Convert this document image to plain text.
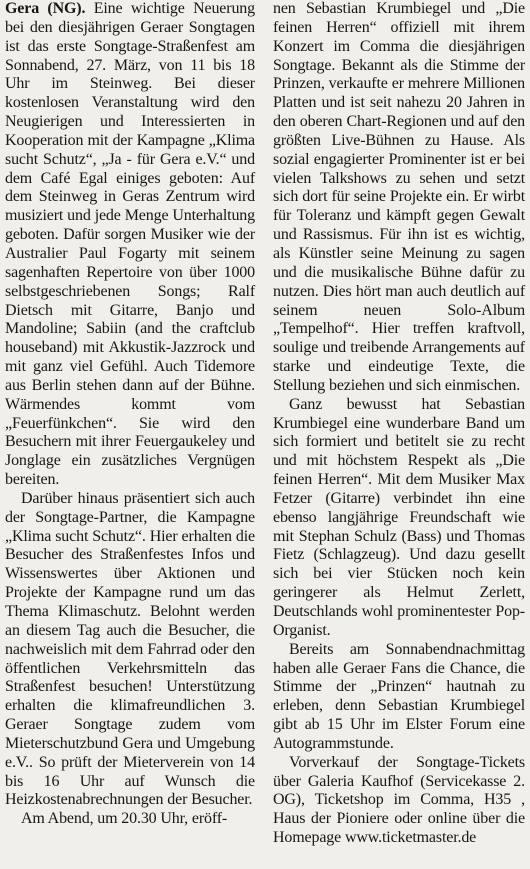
Gera (NG). Eine wichtige Neuerung bei den diesjährigen Geraer Songtagen ist das erste Songtage-Straßenfest am Sonnabend, 27. März, von 11 bis 18 Uhr im Steinweg. Bei dieser kostenlosen Veranstaltung wird den Neugierigen und Interessierten in Kooperation mit der Kampagne „Klima sucht Schutz“, „Ja - für Gera e.V.“ und dem Café Egal einiges geboten: Auf dem Steinweg in Geras Zentrum wird musiziert und jede Menge Unterhaltung geboten. Dafür sorgen Musiker wie der Australier Paul Fogarty mit seinem sagenhaften Repertoire von über 1000 selbstgeschriebenen Songs; Ralf Dietsch mit Gitarre, Banjo und Mandoline; Sabiin (and the craftclub houseband) mit Akkustik-Jazzrock und mit ganz viel Gefühl. Auch Tidemore aus Berlin stehen dann auf der Bühne. Wärmendes kommt vom „Feuerfünkchen“. Sie wird den Besuchern mit ihrer Feuergaukeley und Jonglage ein zusätzliches Vergnügen bereiten.

Darüber hinaus präsentiert sich auch der Songtage-Partner, die Kampagne „Klima sucht Schutz“. Hier erhalten die Besucher des Straßenfestes Infos und Wissenswertes über Aktionen und Projekte der Kampagne rund um das Thema Klimaschutz. Belohnt werden an diesem Tag auch die Besucher, die nachweislich mit dem Fahrrad oder den öffentlichen Verkehrsmitteln das Straßenfest besuchen! Unterstützung erhalten die klimafreundlichen 3. Geraer Songtage zudem vom Mieterschutzbund Gera und Umgebung e.V.. So prüft der Mieterverein von 14 bis 16 Uhr auf Wunsch die Heizkostenabrechnungen der Besucher.

Am Abend, um 20.30 Uhr, eröff-

nen Sebastian Krumbiegel und „Die feinen Herren“ offiziell mit ihrem Konzert im Comma die diesjährigen Songtage. Bekannt als die Stimme der Prinzen, verkaufte er mehrere Millionen Platten und ist seit nahezu 20 Jahren in den oberen Chart-Regionen und auf den größten Live-Bühnen zu Hause. Als sozial engagierter Prominenter ist er bei vielen Talkshows zu sehen und setzt sich dort für seine Projekte ein. Er wirbt für Toleranz und kämpft gegen Gewalt und Rassismus. Für ihn ist es wichtig, als Künstler seine Meinung zu sagen und die musikalische Bühne dafür zu nutzen. Dies hört man auch deutlich auf seinem neuen Solo-Album „Tempelhof“. Hier treffen kraftvoll, soulige und treibende Arrangements auf starke und eindeutige Texte, die Stellung beziehen und sich einmischen.

Ganz bewusst hat Sebastian Krumbiegel eine wunderbare Band um sich formiert und betitelt sie zu recht und mit höchstem Respekt als „Die feinen Herren“. Mit dem Musiker Max Fetzer (Gitarre) verbindet ihn eine ebenso langjährige Freundschaft wie mit Stephan Schulz (Bass) und Thomas Fietz (Schlagzeug). Und dazu gesellt sich bei vier Stücken noch kein geringerer als Helmut Zerlett, Deutschlands wohl prominentester Pop-Organist.

Bereits am Sonnabendnachmittag haben alle Geraer Fans die Chance, die Stimme der „Prinzen“ hautnah zu erleben, denn Sebastian Krumbiegel gibt ab 15 Uhr im Elster Forum eine Autogrammstunde.

Vorverkauf der Songtage-Tickets über Galeria Kaufhof (Servicekasse 2. OG), Ticketshop im Comma, H35 , Haus der Pioniere oder online über die Homepage www.ticketmaster.de
